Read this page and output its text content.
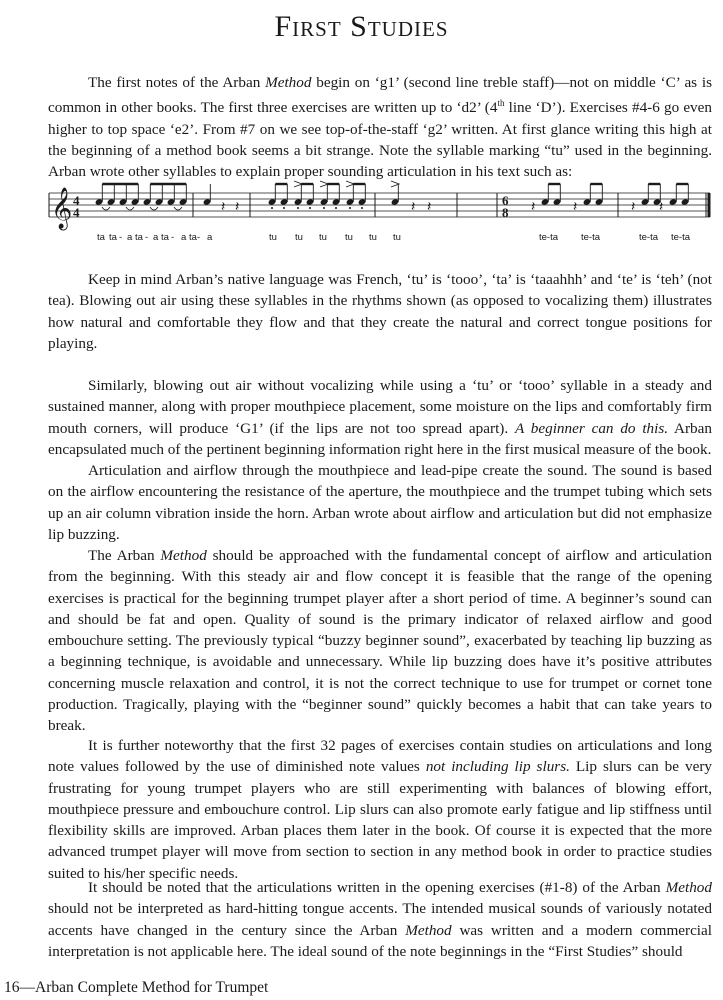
First Studies

The first notes of the Arban Method begin on ‘g1’ (second line treble staff)—not on middle ‘C’ as is common in other books. The first three exercises are written up to ‘d2’ (4th line ‘D’). Exercises #4-6 go even higher to top space ‘e2’. From #7 on we see top-of-the-staff ‘g2’ written. At first glance writing this high at the beginning of a method book seems a bit strange. Note the syllable marking “tu” used in the beginning. Arban wrote other syllables to explain proper sounding articulation in his text such as:

𝄞 4
4	𝄽 𝄽	𝄽 𝄽	𝄽	𝄽	𝄽 𝄽
6
8
ta ta - a ta - a ta - a ta - a	tu tu tu tu tu tu	te-ta te-ta	te-ta te-ta

Keep in mind Arban’s native language was French, ‘tu’ is ‘tooo’, ‘ta’ is ‘taaahhh’ and ‘te’ is ‘teh’ (not tea). Blowing out air using these syllables in the rhythms shown (as opposed to vocalizing them) illustrates how natural and comfortable they flow and that they create the natural and correct tongue positions for playing.

Similarly, blowing out air without vocalizing while using a ‘tu’ or ‘tooo’ syllable in a steady and sustained manner, along with proper mouthpiece placement, some moisture on the lips and comfortably firm mouth corners, will produce ‘G1’ (if the lips are not too spread apart). A beginner can do this. Arban encapsulated much of the pertinent beginning information right here in the first musical measure of the book.

Articulation and airflow through the mouthpiece and lead-pipe create the sound. The sound is based on the airflow encountering the resistance of the aperture, the mouthpiece and the trumpet tubing which sets up an air column vibration inside the horn. Arban wrote about airflow and articulation but did not emphasize lip buzzing.

The Arban Method should be approached with the fundamental concept of airflow and articulation from the beginning. With this steady air and flow concept it is feasible that the range of the opening exercises is practical for the beginning trumpet player after a short period of time. A beginner’s sound can and should be fat and open. Quality of sound is the primary indicator of relaxed airflow and good embouchure setting. The previously typical “buzzy beginner sound”, exacerbated by teaching lip buzzing as a beginning technique, is avoidable and unnecessary. While lip buzzing does have it’s positive attributes concerning muscle relaxation and control, it is not the correct technique to use for trumpet or cornet tone production. Tragically, playing with the “beginner sound” quickly becomes a habit that can take years to break.

It is further noteworthy that the first 32 pages of exercises contain studies on articulations and long note values followed by the use of diminished note values not including lip slurs. Lip slurs can be very frustrating for young trumpet players who are still experimenting with balances of blowing effort, mouthpiece pressure and embouchure control. Lip slurs can also promote early fatigue and lip stiffness until flexibility skills are improved. Arban places them later in the book. Of course it is expected that the more advanced trumpet player will move from section to section in any method book in order to practice studies suited to his/her specific needs.

It should be noted that the articulations written in the opening exercises (#1-8) of the Arban Method should not be interpreted as hard-hitting tongue accents. The intended musical sounds of variously notated accents have changed in the century since the Arban Method was written and a modern commercial interpretation is not applicable here. The ideal sound of the note beginnings in the “First Studies” should

16—Arban Complete Method for Trumpet
